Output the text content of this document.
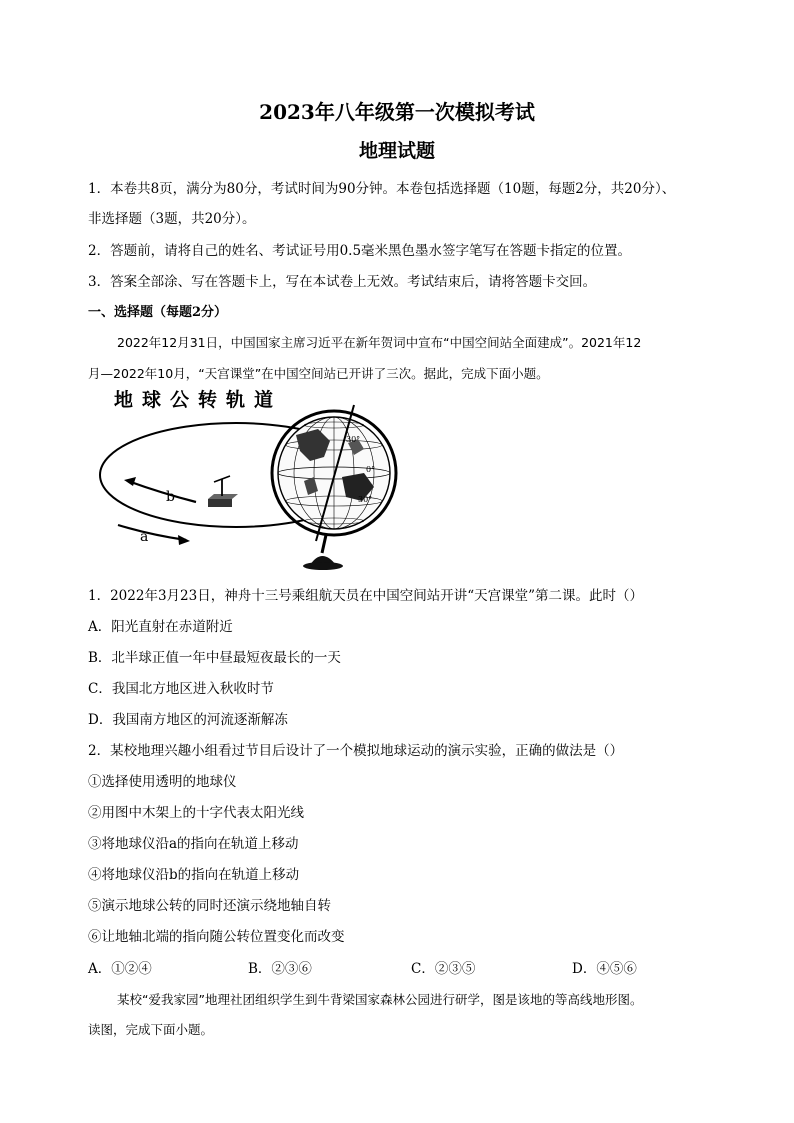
2023年八年级第一次模拟考试
地理试题
1．本卷共8页，满分为80分，考试时间为90分钟。本卷包括选择题（10题，每题2分，共20分）、
非选择题（3题，共20分）。
2．答题前，请将自己的姓名、考试证号用0.5毫米黑色墨水签字笔写在答题卡指定的位置。
3．答案全部涂、写在答题卡上，写在本试卷上无效。考试结束后，请将答题卡交回。
一、选择题（每题2分）
2022年12月31日，中国国家主席习近平在新年贺词中宣布“中国空间站全面建成”。2021年12
月—2022年10月，“天宫课堂”在中国空间站已开讲了三次。据此，完成下面小题。
地球公转轨道
b
a
30°
0°
30°
1．2022年3月23日，神舟十三号乘组航天员在中国空间站开讲“天宫课堂”第二课。此时（）
A．阳光直射在赤道附近
B．北半球正值一年中昼最短夜最长的一天
C．我国北方地区进入秋收时节
D．我国南方地区的河流逐渐解冻
2．某校地理兴趣小组看过节目后设计了一个模拟地球运动的演示实验，正确的做法是（）
①选择使用透明的地球仪
②用图中木架上的十字代表太阳光线
③将地球仪沿a的指向在轨道上移动
④将地球仪沿b的指向在轨道上移动
⑤演示地球公转的同时还演示绕地轴自转
⑥让地轴北端的指向随公转位置变化而改变
A．①②④	B．②③⑥	C．②③⑤	D．④⑤⑥
某校“爱我家园”地理社团组织学生到牛背梁国家森林公园进行研学，图是该地的等高线地形图。
读图，完成下面小题。
